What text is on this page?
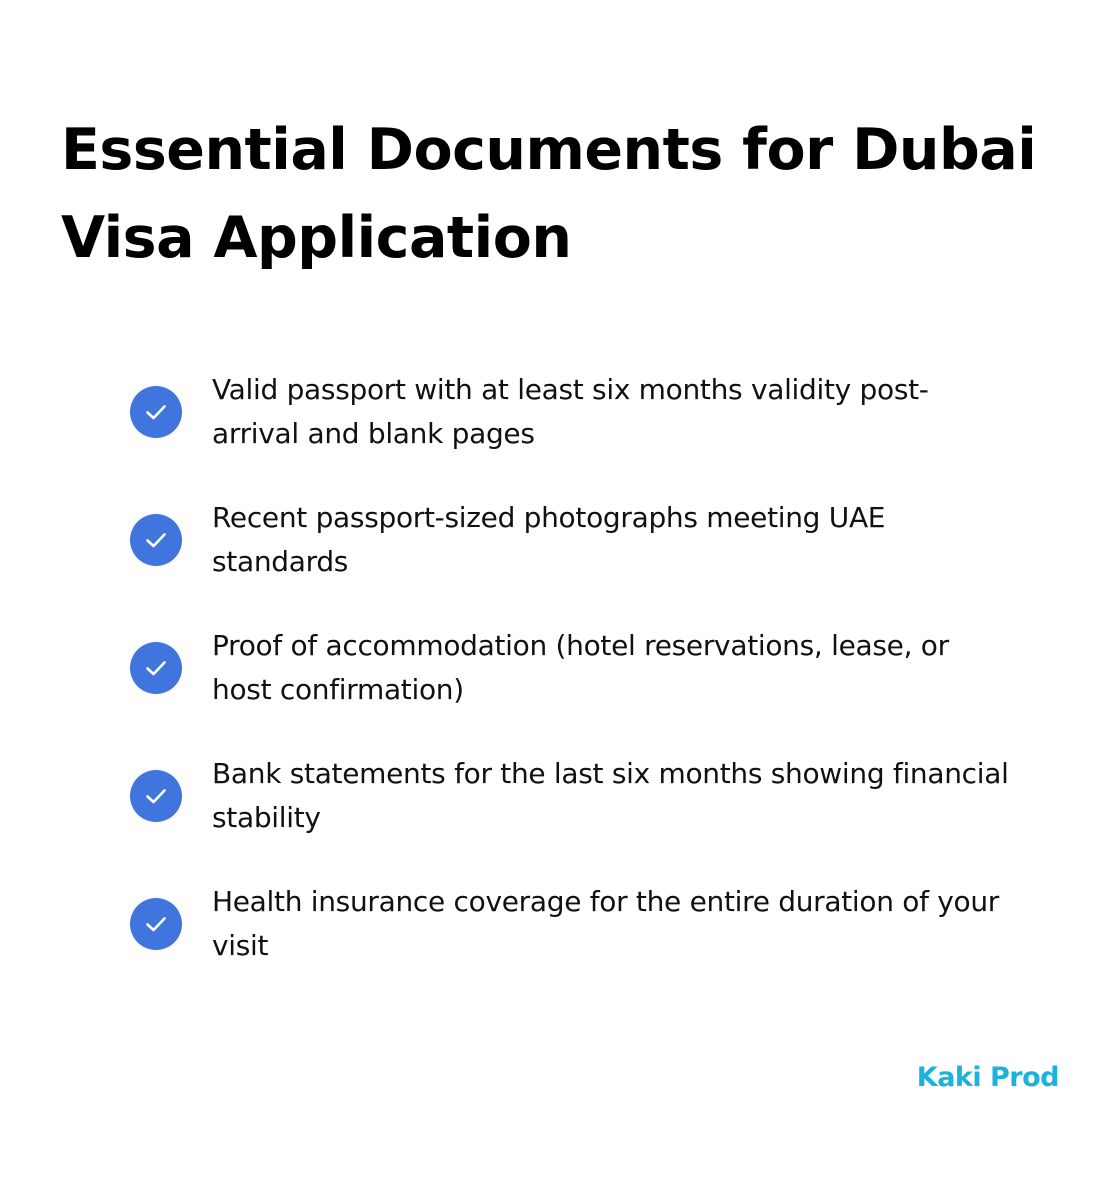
Essential Documents for Dubai Visa Application
Valid passport with at least six months validity post-arrival and blank pages
Recent passport-sized photographs meeting UAE standards
Proof of accommodation (hotel reservations, lease, or host confirmation)
Bank statements for the last six months showing financial stability
Health insurance coverage for the entire duration of your visit
Kaki Prod
